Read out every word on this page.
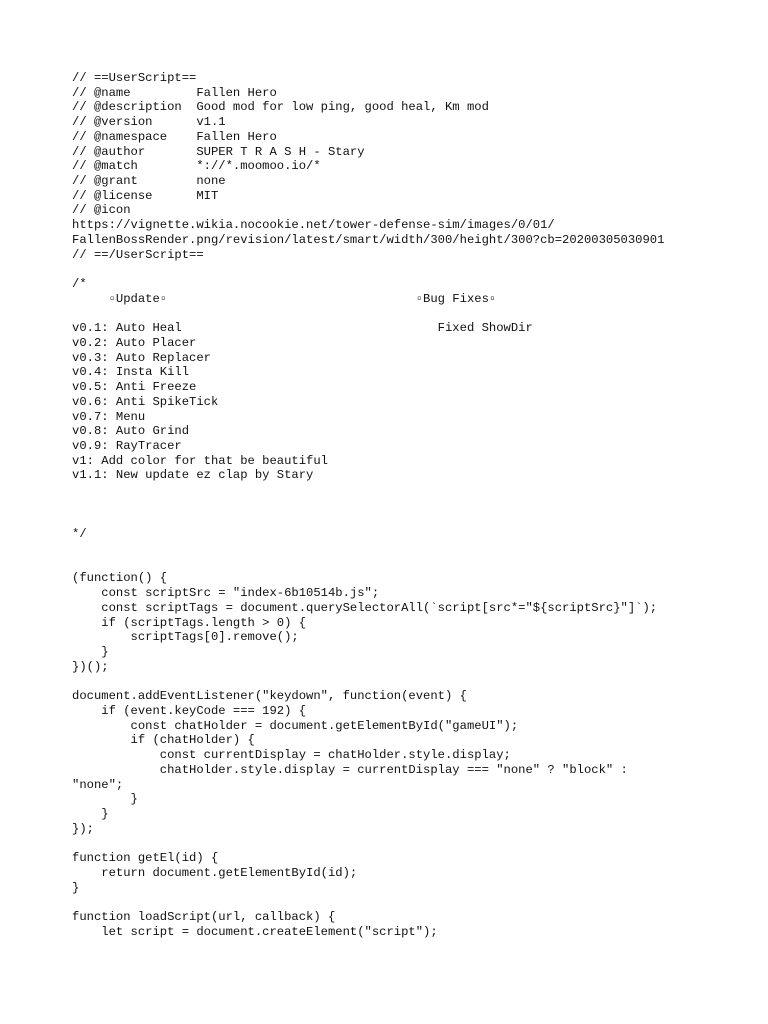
// ==UserScript==
// @name         Fallen Hero
// @description  Good mod for low ping, good heal, Km mod
// @version      v1.1
// @namespace    Fallen Hero
// @author       SUPER T R A S H - Stary
// @match        *://*.moomoo.io/*
// @grant        none
// @license      MIT
// @icon
https://vignette.wikia.nocookie.net/tower-defense-sim/images/0/01/
FallenBossRender.png/revision/latest/smart/width/300/height/300?cb=20200305030901
// ==/UserScript==
/*
▫Update▫                                  ▫Bug Fixes▫
v0.1: Auto Heal                                   Fixed ShowDir
v0.2: Auto Placer
v0.3: Auto Replacer
v0.4: Insta Kill
v0.5: Anti Freeze
v0.6: Anti SpikeTick
v0.7: Menu
v0.8: Auto Grind
v0.9: RayTracer
v1: Add color for that be beautiful
v1.1: New update ez clap by Stary
*/
(function() {
const scriptSrc = "index-6b10514b.js";
const scriptTags = document.querySelectorAll(`script[src*="${scriptSrc}"]`);
if (scriptTags.length > 0) {
scriptTags[0].remove();
}
})();
document.addEventListener("keydown", function(event) {
if (event.keyCode === 192) {
const chatHolder = document.getElementById("gameUI");
if (chatHolder) {
const currentDisplay = chatHolder.style.display;
chatHolder.style.display = currentDisplay === "none" ? "block" :
"none";
}
}
});
function getEl(id) {
return document.getElementById(id);
}
function loadScript(url, callback) {
let script = document.createElement("script");
